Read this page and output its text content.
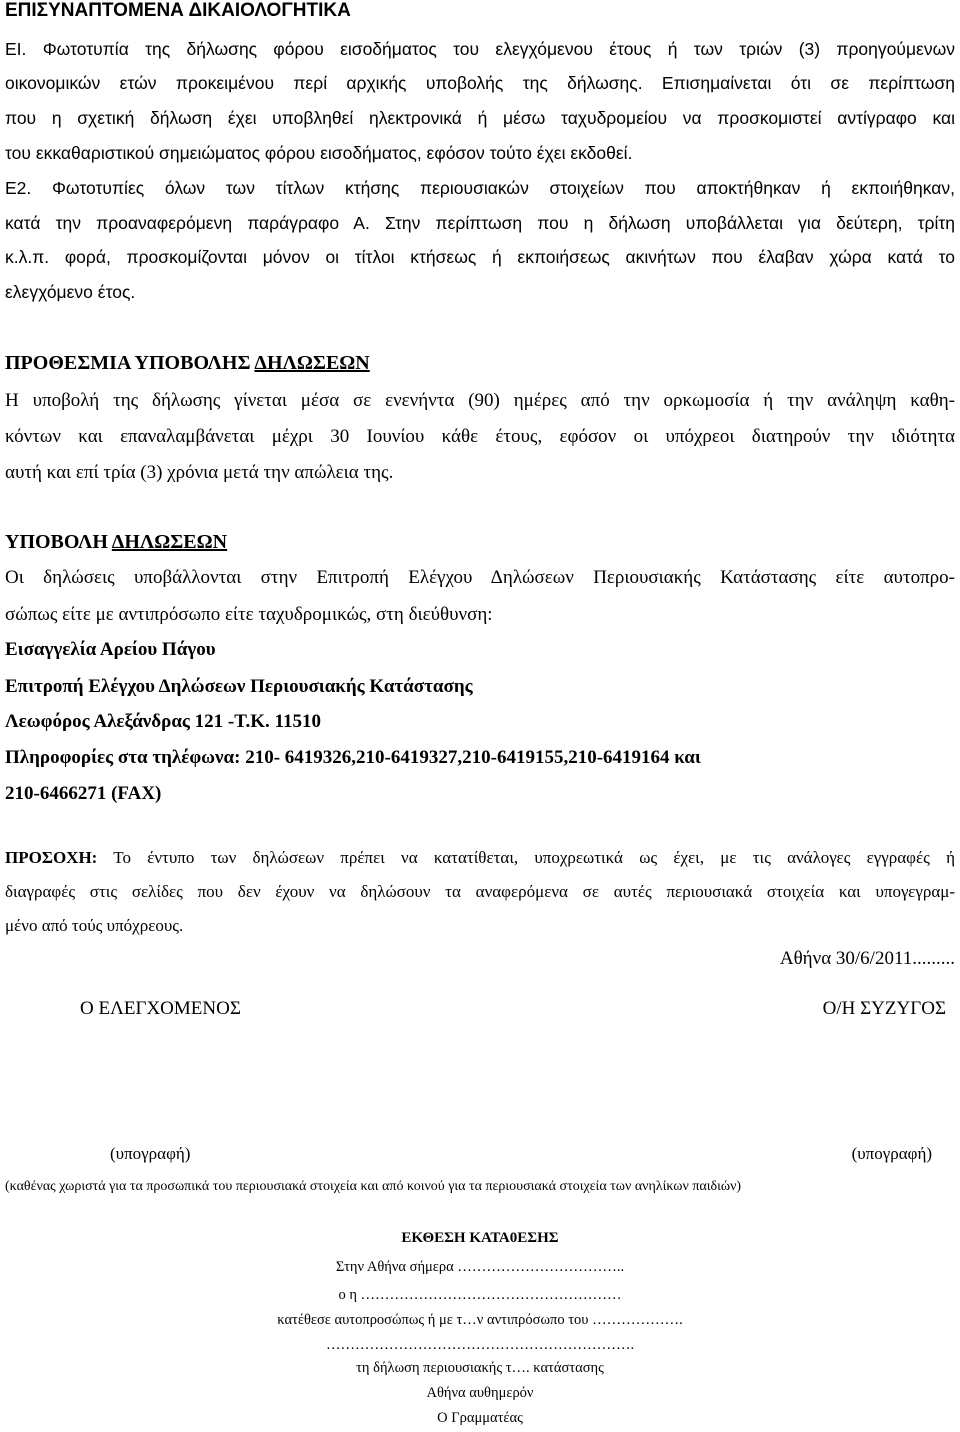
ΕΠΙΣΥΝΑΠΤΟΜΕΝΑ ΔΙΚΑΙΟΛΟΓΗΤΙΚΑ
ΕΙ. Φωτοτυπία της δήλωσης φόρου εισοδήματος του ελεγχόμενου έτους ή των τριών (3) προηγούμενων
οικονομικών ετών προκειμένου περί αρχικής υποβολής της δήλωσης. Επισημαίνεται ότι σε περίπτωση
που η σχετική δήλωση έχει υποβληθεί ηλεκτρονικά ή μέσω ταχυδρομείου να προσκομιστεί αντίγραφο και
του εκκαθαριστικού σημειώματος φόρου εισοδήματος, εφόσον τούτο έχει εκδοθεί.
Ε2. Φωτοτυπίες όλων των τίτλων κτήσης περιουσιακών στοιχείων που αποκτήθηκαν ή εκποιήθηκαν,
κατά την προαναφερόμενη παράγραφο Α. Στην περίπτωση που η δήλωση υποβάλλεται για δεύτερη, τρίτη
κ.λ.π. φορά, προσκομίζονται μόνον οι τίτλοι κτήσεως ή εκποιήσεως ακινήτων που έλαβαν χώρα κατά το
ελεγχόμενο έτος.
ΠΡΟΘΕΣΜΙΑ ΥΠΟΒΟΛΗΣ ΔΗΛΩΣΕΩΝ
Η υποβολή της δήλωσης γίνεται μέσα σε ενενήντα (90) ημέρες από την ορκωμοσία ή την ανάληψη καθη-
κόντων και επαναλαμβάνεται μέχρι 30 Ιουνίου κάθε έτους, εφόσον οι υπόχρεοι διατηρούν την ιδιότητα
αυτή και επί τρία (3) χρόνια μετά την απώλεια της.
ΥΠΟΒΟΛΗ ΔΗΛΩΣΕΩΝ
Οι δηλώσεις υποβάλλονται στην Επιτροπή Ελέγχου Δηλώσεων Περιουσιακής Κατάστασης είτε αυτοπρο-
σώπως είτε με αντιπρόσωπο είτε ταχυδρομικώς, στη διεύθυνση:
Εισαγγελία Αρείου Πάγου
Επιτροπή Ελέγχου Δηλώσεων Περιουσιακής Κατάστασης
Λεωφόρος Αλεξάνδρας 121 -Τ.Κ. 11510
Πληροφορίες στα τηλέφωνα: 210- 6419326,210-6419327,210-6419155,210-6419164 και
210-6466271 (FAX)
ΠΡΟΣΟΧΗ: Το έντυπο των δηλώσεων πρέπει να κατατίθεται, υποχρεωτικά ως έχει, με τις ανάλογες εγγραφές ή
διαγραφές στις σελίδες που δεν έχουν να δηλώσουν τα αναφερόμενα σε αυτές περιουσιακά στοιχεία και υπογεγραμ-
μένο από τούς υπόχρεους.
Αθήνα 30/6/2011.........
Ο ΕΛΕΓΧΟΜΕΝΟΣ	Ο/Η ΣΥΖΥΓΟΣ
(υπογραφή)	(υπογραφή)
(καθένας χωριστά για τα προσωπικά του περιουσιακά στοιχεία και από κοινού για τα περιουσιακά στοιχεία των ανηλίκων παιδιών)
ΕΚΘΕΣΗ ΚΑΤΑ0ΕΣΗΣ
Στην Αθήνα σήμερα ……………………………..
ο η ………………………………………………
κατέθεσε αυτοπροσώπως ή με τ…ν αντιπρόσωπο του ……………….
……………………………………………………….
τη δήλωση περιουσιακής τ…. κατάστασης
Αθήνα αυθημερόν
Ο Γραμματέας
